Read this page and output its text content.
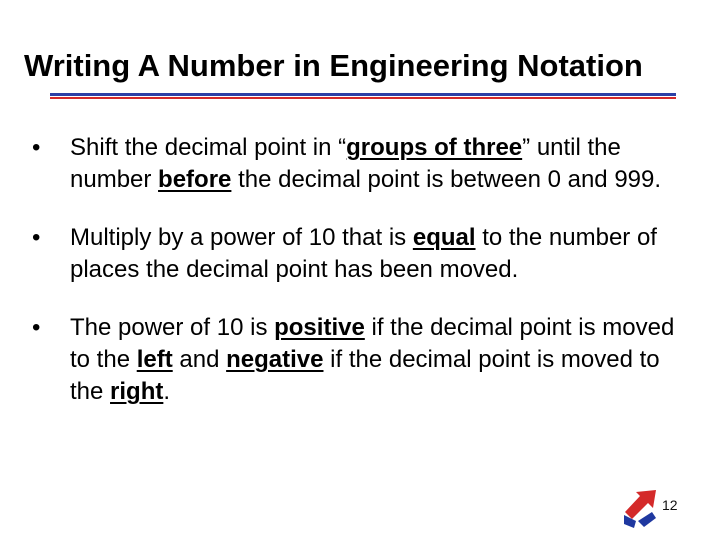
Writing A Number in Engineering Notation
•	Shift the decimal point in “groups of three” until the number before the decimal point is between 0 and 999.
•	Multiply by a power of 10 that is equal to the number of places the decimal point has been moved.
•	The power of 10 is positive if the decimal point is moved to the left and negative if the decimal point is moved to the right.
12
